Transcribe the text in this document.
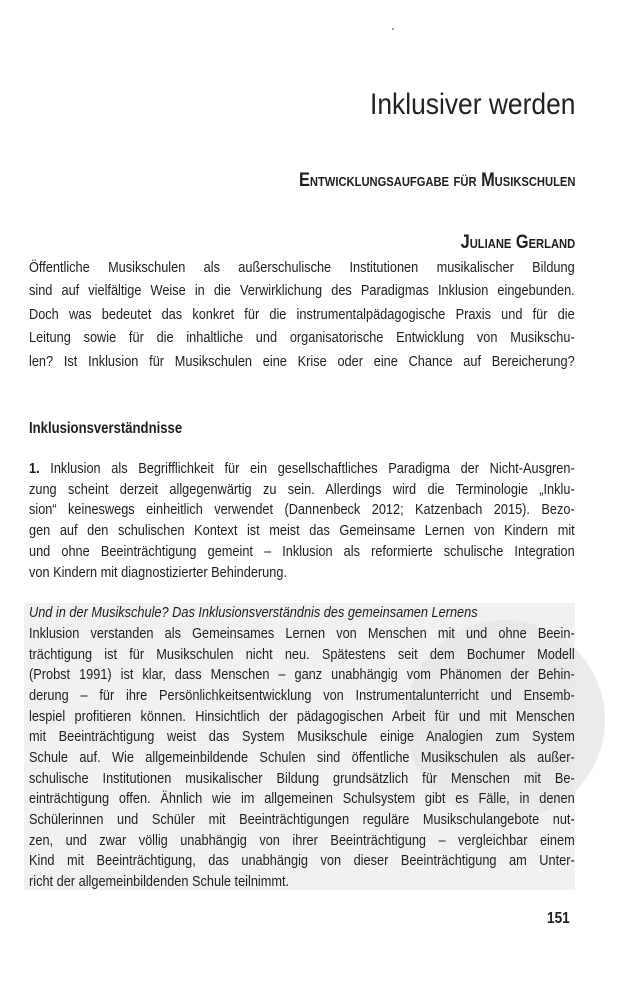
Inklusiver werden
Entwicklungsaufgabe für Musikschulen
Juliane Gerland
Öffentliche Musikschulen als außerschulische Institutionen musikalischer Bildung
sind auf vielfältige Weise in die Verwirklichung des Paradigmas Inklusion eingebunden.
Doch was bedeutet das konkret für die instrumentalpädagogische Praxis und für die
Leitung sowie für die inhaltliche und organisatorische Entwicklung von Musikschu-
len? Ist Inklusion für Musikschulen eine Krise oder eine Chance auf Bereicherung?
Inklusionsverständnisse
1. Inklusion als Begrifflichkeit für ein gesellschaftliches Paradigma der Nicht-Ausgren-
zung scheint derzeit allgegenwärtig zu sein. Allerdings wird die Terminologie „Inklu-
sion“ keineswegs einheitlich verwendet (Dannenbeck 2012; Katzenbach 2015). Bezo-
gen auf den schulischen Kontext ist meist das Gemeinsame Lernen von Kindern mit
und ohne Beeinträchtigung gemeint – Inklusion als reformierte schulische Integration
von Kindern mit diagnostizierter Behinderung.
Und in der Musikschule? Das Inklusionsverständnis des gemeinsamen Lernens
Inklusion verstanden als Gemeinsames Lernen von Menschen mit und ohne Beein-
trächtigung ist für Musikschulen nicht neu. Spätestens seit dem Bochumer Modell
(Probst 1991) ist klar, dass Menschen – ganz unabhängig vom Phänomen der Behin-
derung – für ihre Persönlichkeitsentwicklung von Instrumentalunterricht und Ensemb-
lespiel profitieren können. Hinsichtlich der pädagogischen Arbeit für und mit Menschen
mit Beeinträchtigung weist das System Musikschule einige Analogien zum System
Schule auf. Wie allgemeinbildende Schulen sind öffentliche Musikschulen als außer-
schulische Institutionen musikalischer Bildung grundsätzlich für Menschen mit Be-
einträchtigung offen. Ähnlich wie im allgemeinen Schulsystem gibt es Fälle, in denen
Schülerinnen und Schüler mit Beeinträchtigungen reguläre Musikschulangebote nut-
zen, und zwar völlig unabhängig von ihrer Beeinträchtigung – vergleichbar einem
Kind mit Beeinträchtigung, das unabhängig von dieser Beeinträchtigung am Unter-
richt der allgemeinbildenden Schule teilnimmt.
151
